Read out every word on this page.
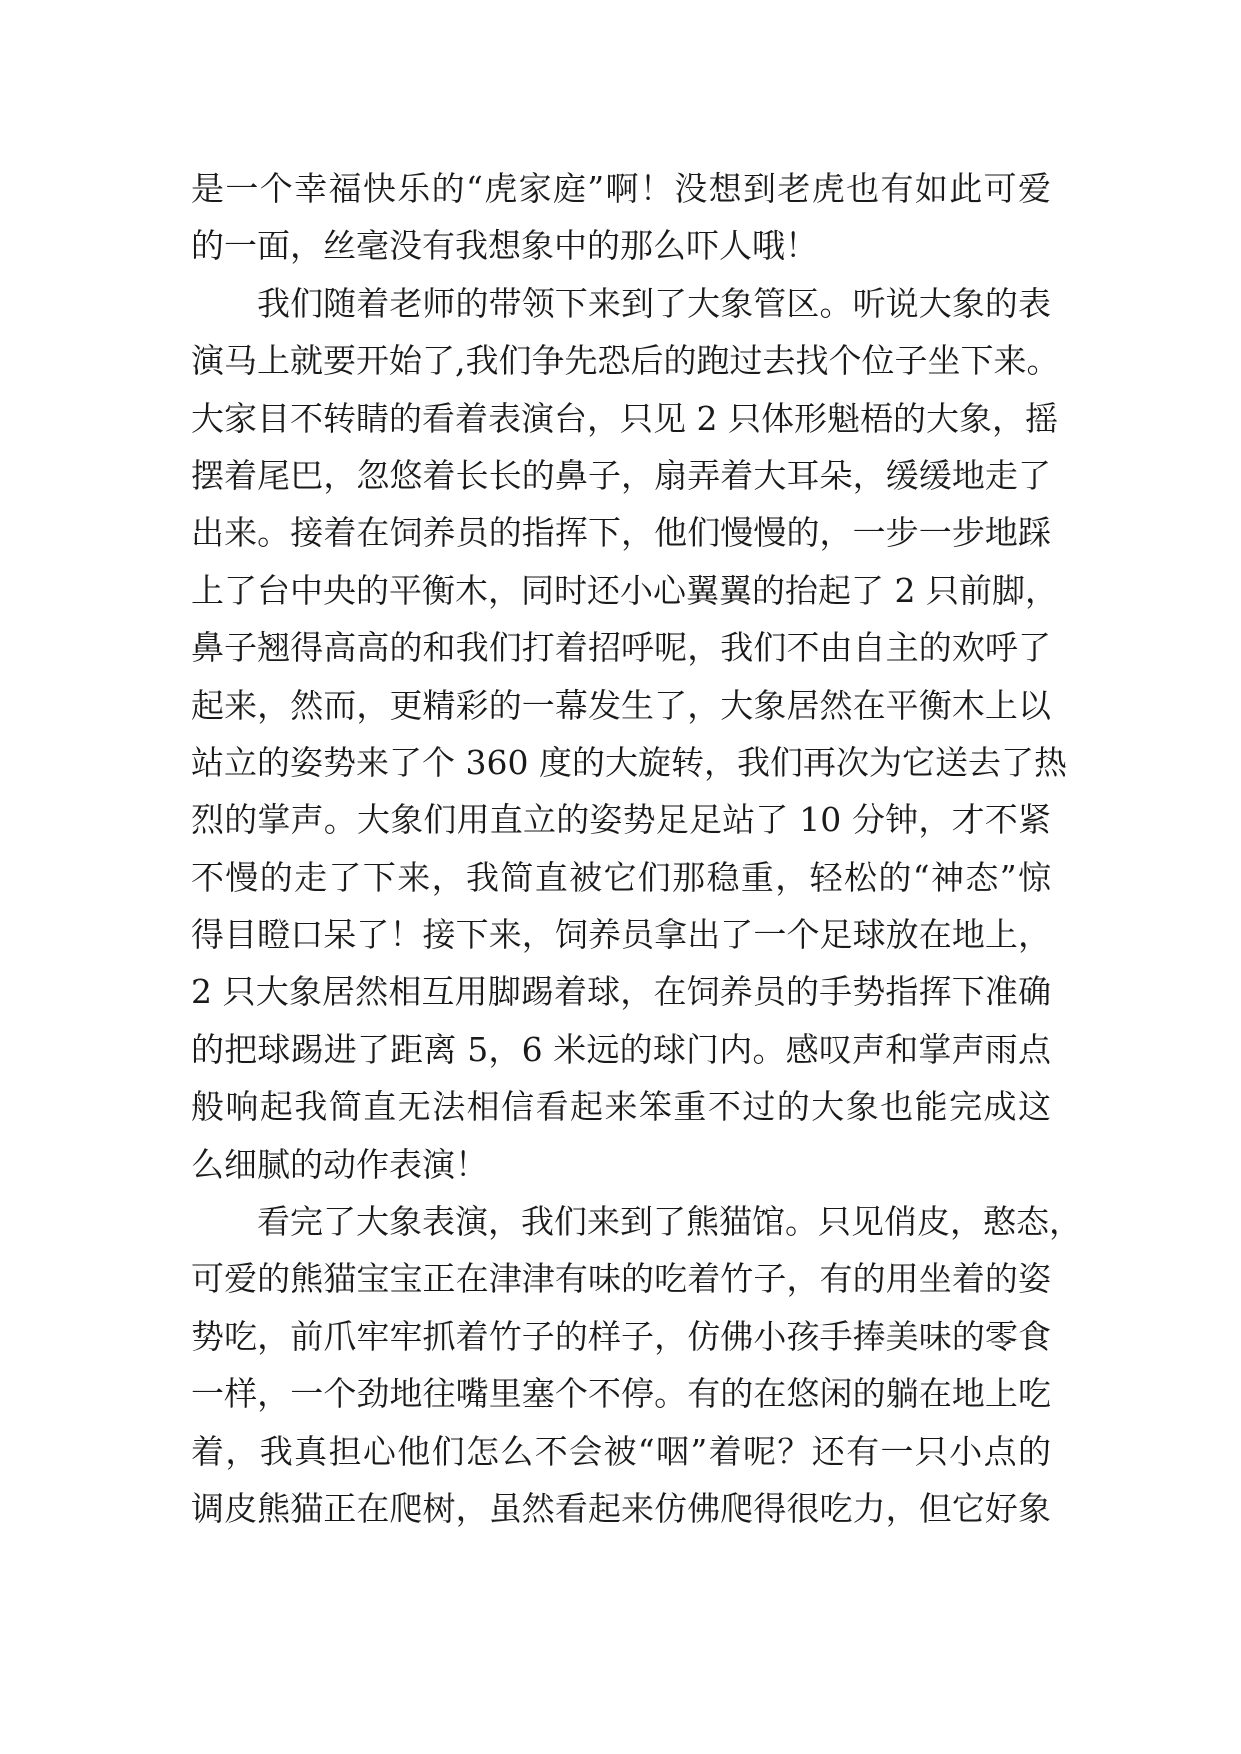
是一个幸福快乐的“虎家庭”啊！没想到老虎也有如此可爱
的一面，丝毫没有我想象中的那么吓人哦！
我们随着老师的带领下来到了大象管区。听说大象的表
演马上就要开始了,我们争先恐后的跑过去找个位子坐下来。
大家目不转睛的看着表演台，只见 2 只体形魁梧的大象，摇
摆着尾巴，忽悠着长长的鼻子，扇弄着大耳朵，缓缓地走了
出来。接着在饲养员的指挥下，他们慢慢的，一步一步地踩
上了台中央的平衡木，同时还小心翼翼的抬起了 2 只前脚，
鼻子翘得高高的和我们打着招呼呢，我们不由自主的欢呼了
起来，然而，更精彩的一幕发生了，大象居然在平衡木上以
站立的姿势来了个 360 度的大旋转，我们再次为它送去了热
烈的掌声。大象们用直立的姿势足足站了 10 分钟，才不紧
不慢的走了下来，我简直被它们那稳重，轻松的“神态”惊
得目瞪口呆了！接下来，饲养员拿出了一个足球放在地上，
2 只大象居然相互用脚踢着球，在饲养员的手势指挥下准确
的把球踢进了距离 5，6 米远的球门内。感叹声和掌声雨点
般响起我简直无法相信看起来笨重不过的大象也能完成这
么细腻的动作表演！
看完了大象表演，我们来到了熊猫馆。只见俏皮，憨态，
可爱的熊猫宝宝正在津津有味的吃着竹子，有的用坐着的姿
势吃，前爪牢牢抓着竹子的样子，仿佛小孩手捧美味的零食
一样，一个劲地往嘴里塞个不停。有的在悠闲的躺在地上吃
着，我真担心他们怎么不会被“咽”着呢？还有一只小点的
调皮熊猫正在爬树，虽然看起来仿佛爬得很吃力，但它好象
